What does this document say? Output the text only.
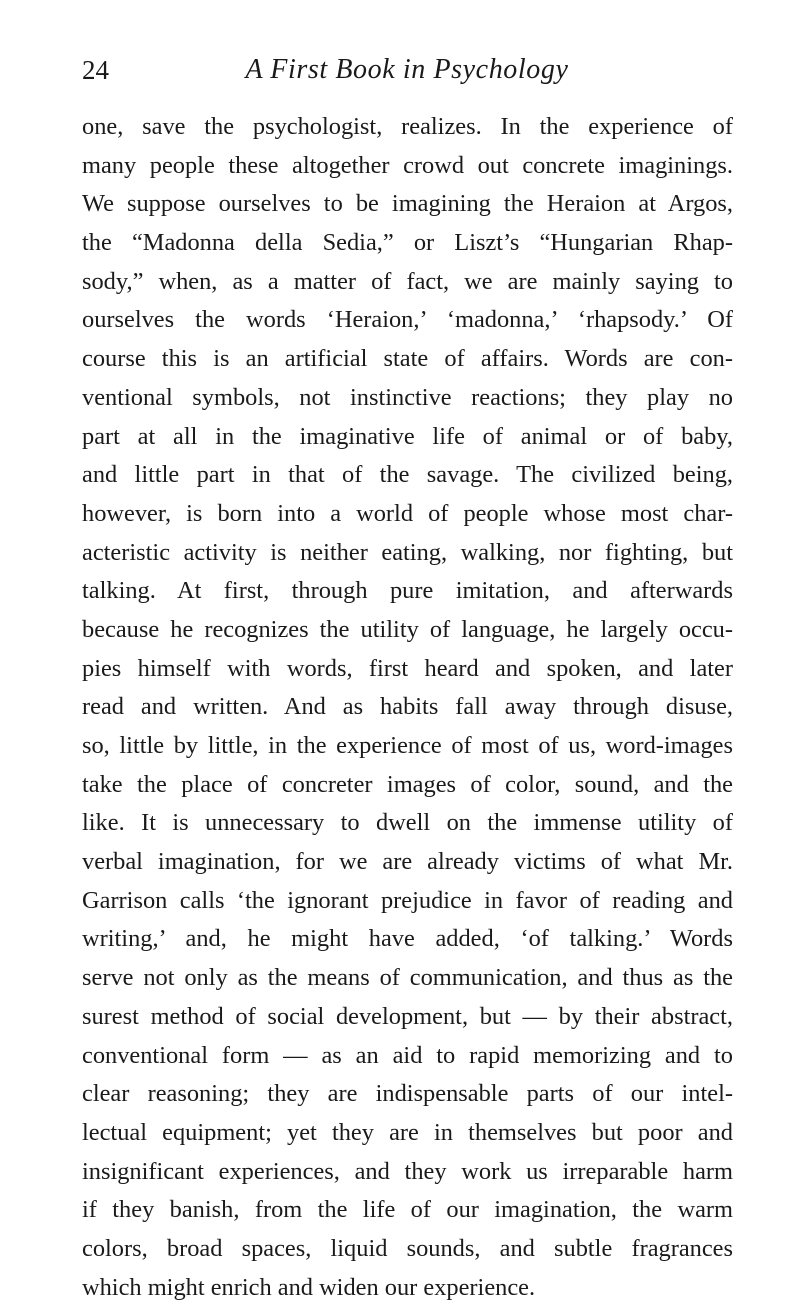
24	A First Book in Psychology
one, save the psychologist, realizes. In the experience of
many people these altogether crowd out concrete imaginings.
We suppose ourselves to be imagining the Heraion at Argos,
the “Madonna della Sedia,” or Liszt’s “Hungarian Rhap-
sody,” when, as a matter of fact, we are mainly saying to
ourselves the words ‘Heraion,’ ‘madonna,’ ‘rhapsody.’ Of
course this is an artificial state of affairs. Words are con-
ventional symbols, not instinctive reactions; they play no
part at all in the imaginative life of animal or of baby,
and little part in that of the savage. The civilized being,
however, is born into a world of people whose most char-
acteristic activity is neither eating, walking, nor fighting, but
talking. At first, through pure imitation, and afterwards
because he recognizes the utility of language, he largely occu-
pies himself with words, first heard and spoken, and later
read and written. And as habits fall away through disuse,
so, little by little, in the experience of most of us, word-images
take the place of concreter images of color, sound, and the
like. It is unnecessary to dwell on the immense utility of
verbal imagination, for we are already victims of what Mr.
Garrison calls ‘the ignorant prejudice in favor of reading and
writing,’ and, he might have added, ‘of talking.’ Words
serve not only as the means of communication, and thus as the
surest method of social development, but — by their abstract,
conventional form — as an aid to rapid memorizing and to
clear reasoning; they are indispensable parts of our intel-
lectual equipment; yet they are in themselves but poor and
insignificant experiences, and they work us irreparable harm
if they banish, from the life of our imagination, the warm
colors, broad spaces, liquid sounds, and subtle fragrances
which might enrich and widen our experience.
